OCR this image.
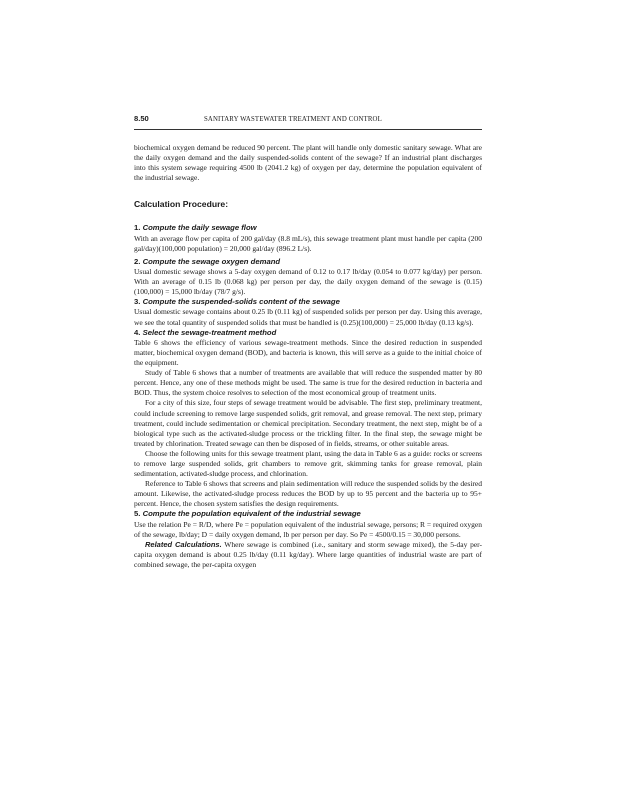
8.50	SANITARY WASTEWATER TREATMENT AND CONTROL

biochemical oxygen demand be reduced 90 percent. The plant will handle only domestic sanitary sewage. What are the daily oxygen demand and the daily suspended-solids content of the sewage? If an industrial plant discharges into this system sewage requiring 4500 lb (2041.2 kg) of oxygen per day, determine the population equivalent of the industrial sewage.

Calculation Procedure:
1. Compute the daily sewage flow

With an average flow per capita of 200 gal/day (8.8 mL/s), this sewage treatment plant must handle per capita (200 gal/day)(100,000 population) = 20,000 gal/day (896.2 L/s).

2. Compute the sewage oxygen demand

Usual domestic sewage shows a 5-day oxygen demand of 0.12 to 0.17 lb/day (0.054 to 0.077 kg/day) per person. With an average of 0.15 lb (0.068 kg) per person per day, the daily oxygen demand of the sewage is (0.15)(100,000) = 15,000 lb/day (78/7 g/s).

3. Compute the suspended-solids content of the sewage

Usual domestic sewage contains about 0.25 lb (0.11 kg) of suspended solids per person per day. Using this average, we see the total quantity of suspended solids that must be handled is (0.25)(100,000) = 25,000 lb/day (0.13 kg/s).

4. Select the sewage-treatment method

Table 6 shows the efficiency of various sewage-treatment methods. Since the desired reduction in suspended matter, biochemical oxygen demand (BOD), and bacteria is known, this will serve as a guide to the initial choice of the equipment.

Study of Table 6 shows that a number of treatments are available that will reduce the suspended matter by 80 percent. Hence, any one of these methods might be used. The same is true for the desired reduction in bacteria and BOD. Thus, the system choice resolves to selection of the most economical group of treatment units.

For a city of this size, four steps of sewage treatment would be advisable. The first step, preliminary treatment, could include screening to remove large suspended solids, grit removal, and grease removal. The next step, primary treatment, could include sedimentation or chemical precipitation. Secondary treatment, the next step, might be of a biological type such as the activated-sludge process or the trickling filter. In the final step, the sewage might be treated by chlorination. Treated sewage can then be disposed of in fields, streams, or other suitable areas.

Choose the following units for this sewage treatment plant, using the data in Table 6 as a guide: rocks or screens to remove large suspended solids, grit chambers to remove grit, skimming tanks for grease removal, plain sedimentation, activated-sludge process, and chlorination.

Reference to Table 6 shows that screens and plain sedimentation will reduce the suspended solids by the desired amount. Likewise, the activated-sludge process reduces the BOD by up to 95 percent and the bacteria up to 95+ percent. Hence, the chosen system satisfies the design requirements.

5. Compute the population equivalent of the industrial sewage

Use the relation Pe = R/D, where Pe = population equivalent of the industrial sewage, persons; R = required oxygen of the sewage, lb/day; D = daily oxygen demand, lb per person per day. So Pe = 4500/0.15 = 30,000 persons.

Related Calculations. Where sewage is combined (i.e., sanitary and storm sewage mixed), the 5-day per-capita oxygen demand is about 0.25 lb/day (0.11 kg/day). Where large quantities of industrial waste are part of combined sewage, the per-capita oxygen
